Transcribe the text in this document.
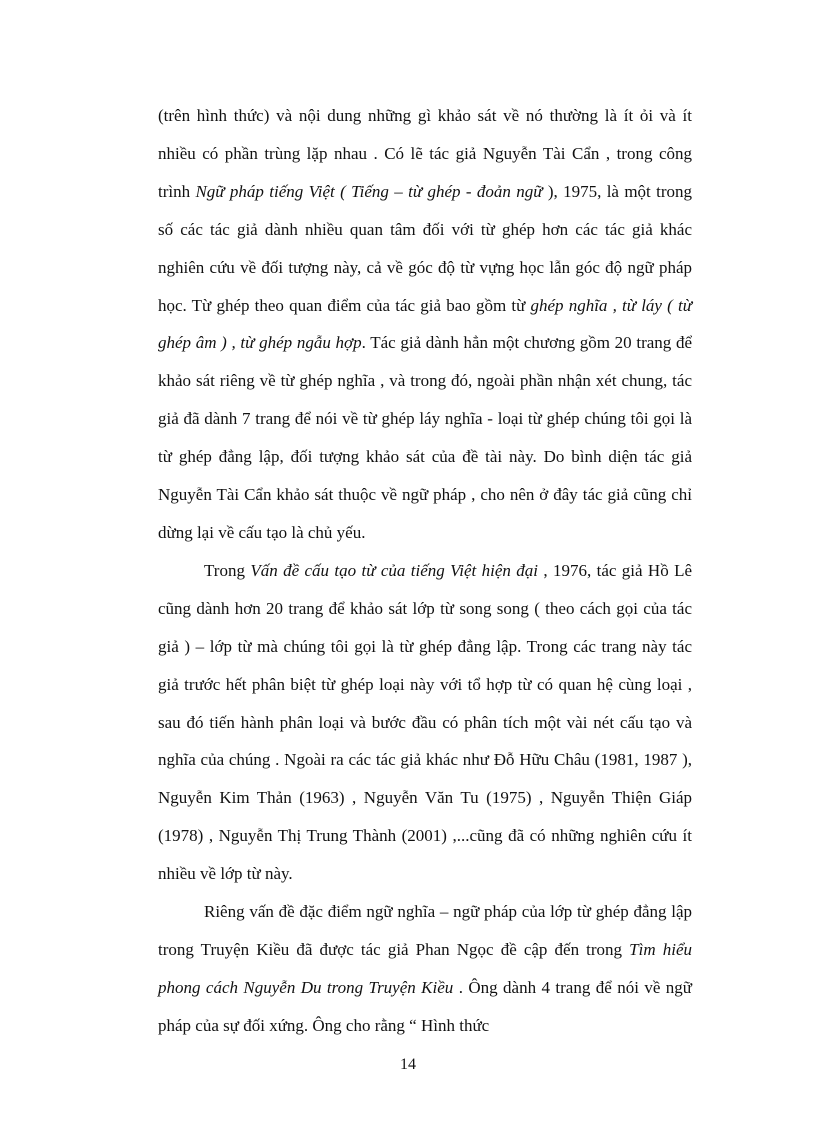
(trên hình thức) và nội dung những gì khảo sát về nó thường là ít ỏi và ít nhiều có phần trùng lặp nhau . Có lẽ tác giả Nguyễn Tài Cẩn , trong công trình Ngữ pháp tiếng Việt ( Tiếng – từ ghép - đoản ngữ ), 1975, là một trong số các tác giả dành nhiều quan tâm đối với từ ghép hơn các tác giả khác nghiên cứu về đối tượng này, cả về góc độ từ vựng học lẫn góc độ ngữ pháp học. Từ ghép theo quan điểm của tác giả bao gồm từ ghép nghĩa , từ láy ( từ ghép âm ) , từ ghép ngẫu hợp. Tác giả dành hẳn một chương gồm 20 trang để khảo sát riêng về từ ghép nghĩa , và trong đó, ngoài phần nhận xét chung, tác giả đã dành 7 trang để nói về từ ghép láy nghĩa - loại từ ghép chúng tôi gọi là từ ghép đẳng lập, đối tượng khảo sát của đề tài này. Do bình diện tác giả Nguyễn Tài Cẩn khảo sát thuộc về ngữ pháp , cho nên ở đây tác giả cũng chỉ dừng lại về cấu tạo là chủ yếu.

Trong Vấn đề cấu tạo từ của tiếng Việt hiện đại , 1976, tác giả Hồ Lê cũng dành hơn 20 trang để khảo sát lớp từ song song ( theo cách gọi của tác giả ) – lớp từ mà chúng tôi gọi là từ ghép đẳng lập. Trong các trang này tác giả trước hết phân biệt từ ghép loại này với tổ hợp từ có quan hệ cùng loại , sau đó tiến hành phân loại và bước đầu có phân tích một vài nét cấu tạo và nghĩa của chúng . Ngoài ra các tác giả khác như Đỗ Hữu Châu (1981, 1987 ), Nguyễn Kim Thản (1963) , Nguyễn Văn Tu (1975) , Nguyễn Thiện Giáp (1978) , Nguyễn Thị Trung Thành (2001) ,...cũng đã có những nghiên cứu ít nhiều về lớp từ này.

Riêng vấn đề đặc điểm ngữ nghĩa – ngữ pháp của lớp từ ghép đẳng lập trong Truyện Kiều đã được tác giả Phan Ngọc đề cập đến trong Tìm hiểu phong cách Nguyễn Du trong Truyện Kiều . Ông dành 4 trang để nói về ngữ pháp của sự đối xứng. Ông cho rằng “ Hình thức

14
